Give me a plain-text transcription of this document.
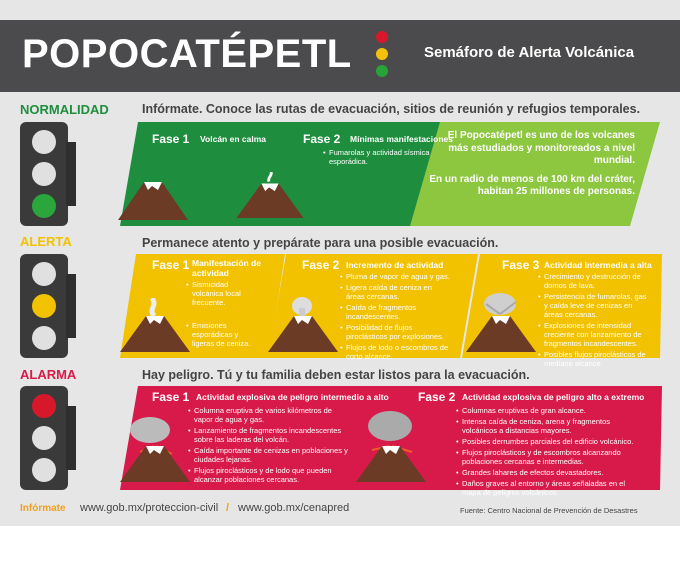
POPOCATÉPETL	Semáforo de Alerta Volcánica
NORMALIDAD	Infórmate. Conoce las rutas de evacuación, sitios de reunión y refugios temporales.
Fase 1 Volcán en calma	Fase 2 Mínimas manifestaciones
• Fumarolas y actividad sísmica esporádica.
El Popocatépetl es uno de los volcanes más estudiados y monitoreados a nivel mundial.
En un radio de menos de 100 km del cráter, habitan 25 millones de personas.
ALERTA	Permanece atento y prepárate para una posible evacuación.
Fase 1 Manifestación de actividad
• Sismicidad volcánica local frecuente.
• Emisiones esporádicas y ligeras de ceniza.
Fase 2 Incremento de actividad
• Pluma de vapor de agua y gas.
• Ligera caída de ceniza en áreas cercanas.
• Caída de fragmentos incandescentes.
• Posibilidad de flujos piroclásticos por explosiones.
• Flujos de lodo o escombros de corto alcance.
Fase 3 Actividad intermedia a alta
• Crecimiento y destrucción de domos de lava.
• Persistencia de fumarolas, gas y caída leve de cenizas en áreas cercanas.
• Explosiones de intensidad creciente con lanzamiento de fragmentos incandescentes.
• Posibles flujos piroclásticos de mediano alcance.
ALARMA	Hay peligro. Tú y tu familia deben estar listos para la evacuación.
Fase 1 Actividad explosiva de peligro intermedio a alto
• Columna eruptiva de varios kilómetros de vapor de agua y gas.
• Lanzamiento de fragmentos incandescentes sobre las laderas del volcán.
• Caída importante de cenizas en poblaciones y ciudades lejanas.
• Flujos piroclásticos y de lodo que pueden alcanzar poblaciones cercanas.
Fase 2 Actividad explosiva de peligro alto a extremo
• Columnas eruptivas de gran alcance.
• Intensa caída de ceniza, arena y fragmentos volcánicos a distancias mayores.
• Posibles derrumbes parciales del edificio volcánico.
• Flujos piroclásticos y de escombros alcanzando poblaciones cercanas e intermedias.
• Grandes lahares de efectos devastadores.
• Daños graves al entorno y áreas señaladas en el mapa de peligros volcánicos.
Infórmate www.gob.mx/proteccion-civil / www.gob.mx/cenapred	Fuente: Centro Nacional de Prevención de Desastres
